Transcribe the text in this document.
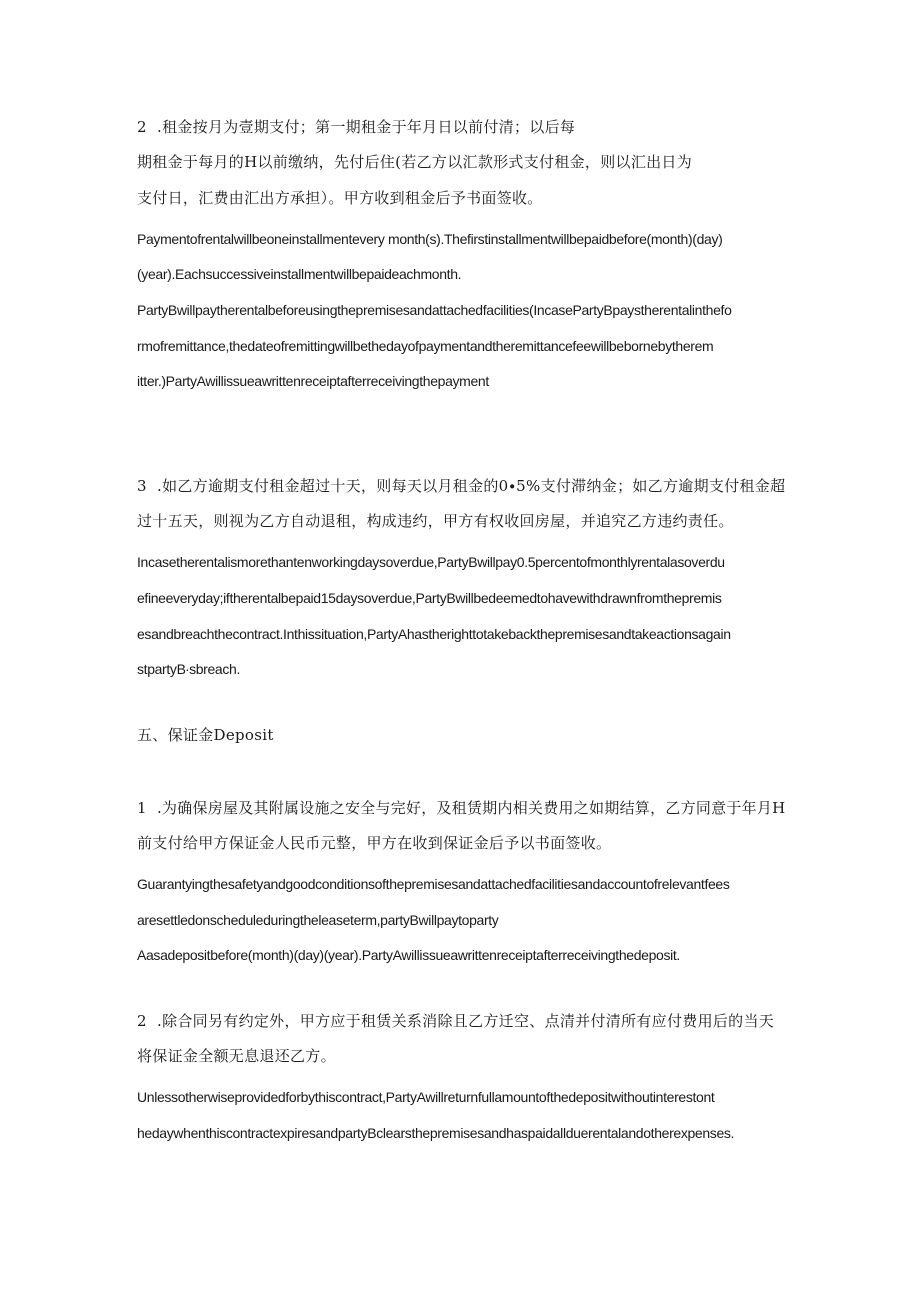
2 .租金按月为壹期支付；第一期租金于年月日以前付清；以后每
期租金于每月的H以前缴纳，先付后住(若乙方以汇款形式支付租金，则以汇出日为
支付日，汇费由汇出方承担）。甲方收到租金后予书面签收。
Paymentofrentalwillbeoneinstallmentevery month(s).Thefirstinstallmentwillbepaidbefore(month)(day)
(year).Eachsuccessiveinstallmentwillbepaideachmonth.
PartyBwillpaytherentalbeforeusingthepremisesandattachedfacilities(IncasePartyBpaystherentalinthefo
rmofremittance,thedateofremittingwillbethedayofpaymentandtheremittancefeewillbebornebytherem
itter.)PartyAwillissueawrittenreceiptafterreceivingthepayment
3 .如乙方逾期支付租金超过十天，则每天以月租金的0∙5%支付滞纳金；如乙方逾期支付租金超
过十五天，则视为乙方自动退租，构成违约，甲方有权收回房屋，并追究乙方违约责任。
Incasetherentalismorethantenworkingdaysoverdue,PartyBwillpay0.5percentofmonthlyrentalasoverdu
efineeveryday;iftherentalbepaid15daysoverdue,PartyBwillbedeemedtohavewithdrawnfromthepremis
esandbreachthecontract.Inthissituation,PartyAhastherighttotakebackthepremisesandtakeactionsagain
stpartyB∙sbreach.
五、保证金Deposit
1 .为确保房屋及其附属设施之安全与完好，及租赁期内相关费用之如期结算，乙方同意于年月H
前支付给甲方保证金人民币元整，甲方在收到保证金后予以书面签收。
Guarantyingthesafetyandgoodconditionsofthepremisesandattachedfacilitiesandaccountofrelevantfees
aresettledonscheduleduringtheleaseterm,partyBwillpaytoparty
Aasadepositbefore(month)(day)(year).PartyAwillissueawrittenreceiptafterreceivingthedeposit.
2 .除合同另有约定外，甲方应于租赁关系消除且乙方迁空、点清并付清所有应付费用后的当天
将保证金全额无息退还乙方。
Unlessotherwiseprovidedforbythiscontract,PartyAwillreturnfullamountofthedepositwithoutinterestont
hedaywhenthiscontractexpiresandpartyBclearsthepremisesandhaspaidallduerentalandotherexpenses.
